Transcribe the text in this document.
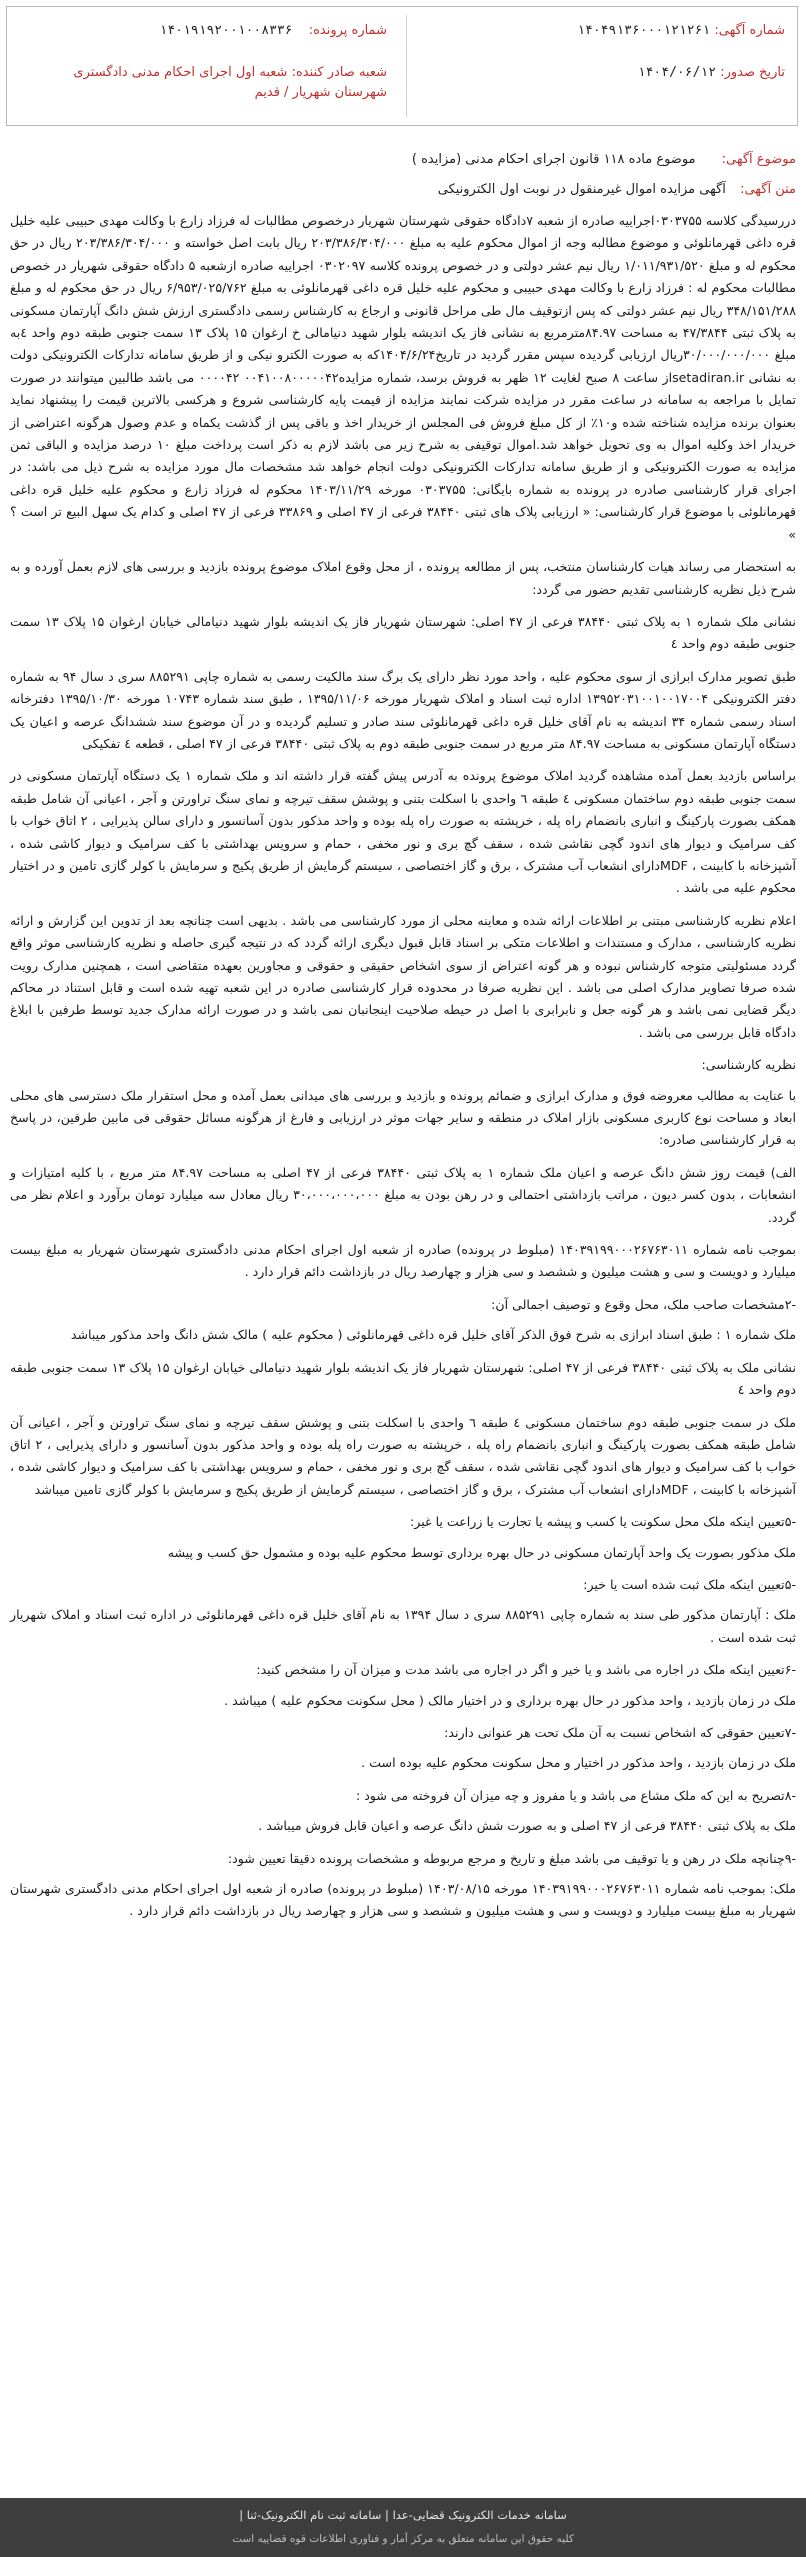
شماره آگهی: ۱۴۰۴۹۱۳۶۰۰۰۱۲۱۲۶۱
تاریخ صدور: ۱۴۰۴/۰۶/۱۲
شماره پرونده: ۱۴۰۱۹۱۹۲۰۰۱۰۰۸۳۳۶
شعبه صادر کننده: شعبه اول اجرای احکام مدنی دادگستری شهرستان شهریار / قدیم
موضوع آگهی: موضوع ماده ۱۱۸ قانون اجرای احکام مدنی (مزایده )
متن آگهی: آگهی مزایده اموال غیرمنقول در نوبت اول الکترونیکی

دررسیدگی کلاسه ۰۳۰۳۷۵۵اجراییه صادره از شعبه ۷دادگاه حقوقی شهرستان شهریار درخصوص مطالبات له فرزاد زارع با وکالت مهدی حبیبی علیه خلیل قره داغی قهرمانلوئی و موضوع مطالبه وجه از اموال محکوم علیه به مبلغ ۲۰۳/۳۸۶/۳۰۴/۰۰۰ ریال بابت اصل خواسته و ۲۰۳/۳۸۶/۳۰۴/۰۰۰ ریال در حق محکوم له و مبلغ ۱/۰۱۱/۹۳۱/۵۲۰ ریال نیم عشر دولتی و در خصوص پرونده کلاسه ۰۳۰۲۰۹۷ اجراییه صادره ازشعبه ۵ دادگاه حقوقی شهریار در خصوص مطالبات محکوم له : فرزاد زارع با وکالت مهدی حبیبی و محکوم علیه خلیل قره داغی قهرمانلوئی به مبلغ ۶/۹۵۳/۰۲۵/۷۶۲ ریال در حق محکوم له و مبلغ ۳۴۸/۱۵۱/۲۸۸ ریال نیم عشر دولتی که پس ازتوقیف مال طی مراحل قانونی و ارجاع به کارشناس رسمی دادگستری ارزش شش دانگ آپارتمان مسکونی به پلاک ثبتی ۴۷/۳۸۴۴ به مساحت ۸۴.۹۷مترمربع به نشانی فاز یک اندیشه بلوار شهید دنیامالی خ ارغوان ۱۵ پلاک ۱۳ سمت جنوبی طبقه دوم واحد ٤به مبلغ ۳۰/۰۰۰/۰۰۰/۰۰۰ریال ارزیابی گردیده سپس مقرر گردید در تاریخ۱۴۰۴/۶/۲۴که به صورت الکترو نیکی و از طریق سامانه تدارکات الکترونیکی دولت به نشانی setadiran.irاز ساعت ۸ صبح لغایت ۱۲ ظهر به فروش برسد، شماره مزایده۰۰۴۱۰۰۸۰۰۰۰۰۴۲ ۰۰۰۰۴۲ می باشد طالبین میتوانند در صورت تمایل با مراجعه به سامانه در ساعت مقرر در مزایده شرکت نمایند مزایده از قیمت پایه کارشناسی شروع و هرکسی بالاترین قیمت را پیشنهاد نماید بعنوان برنده مزایده شناخته شده و۱۰٪ از کل مبلغ فروش فی المجلس از خریدار اخذ و باقی پس از گذشت یکماه و عدم وصول هرگونه اعتراضی از خریدار اخذ وکلیه اموال به وی تحویل خواهد شد.اموال توقیفی به شرح زیر می باشد لازم به ذکر است پرداخت مبلغ ۱۰ درصد مزایده و الباقی ثمن مزایده به صورت الکترونیکی و از طریق سامانه تدارکات الکترونیکی دولت انجام خواهد شد مشخصات مال مورد مزایده به شرح ذیل می باشد: در اجرای قرار کارشناسی صادره در پرونده به شماره بایگانی: ۰۳۰۳۷۵۵ مورخه ۱۴۰۳/۱۱/۲۹ محکوم له فرزاد زارع و محکوم علیه خلیل قره داغی قهرمانلوئی با موضوع قرار کارشناسی: « ارزیابی پلاک های ثبتی ۳۸۴۴۰ فرعی از ۴۷ اصلی و ۳۳۸۶۹ فرعی از ۴۷ اصلی و کدام یک سهل البیع تر است ؟ »

به استحضار می رساند هیات کارشناسان منتخب، پس از مطالعه پرونده ، از محل وقوع املاک موضوع پرونده بازدید و بررسی های لازم بعمل آورده و به شرح ذیل نظریه کارشناسی تقدیم حضور می گردد:

نشانی ملک شماره ۱ به پلاک ثبتی ۳۸۴۴۰ فرعی از ۴۷ اصلی: شهرستان شهریار فاز یک اندیشه بلوار شهید دنیامالی خیابان ارغوان ۱۵ پلاک ۱۳ سمت جنوبی طبقه دوم واحد ٤

طبق تصویر مدارک ابرازی از سوی محکوم علیه ، واحد مورد نظر دارای یک برگ سند مالکیت رسمی به شماره چاپی ۸۸۵۲۹۱ سری د سال ۹۴ به شماره دفتر الکترونیکی ۱۳۹۵۲۰۳۱۰۰۱۰۰۱۷۰۰۴ اداره ثبت اسناد و املاک شهریار مورخه ۱۳۹۵/۱۱/۰۶ ، طبق سند شماره ۱۰۷۴۳ مورخه ۱۳۹۵/۱۰/۳۰ دفترخانه اسناد رسمی شماره ۳۴ اندیشه به نام آقای خلیل قره داغی قهرمانلوئی سند صادر و تسلیم گردیده و در آن موضوع سند ششدانگ عرصه و اعیان یک دستگاه آپارتمان مسکونی به مساحت ۸۴.۹۷ متر مربع در سمت جنوبی طبقه دوم به پلاک ثبتی ۳۸۴۴۰ فرعی از ۴۷ اصلی ، قطعه ٤ تفکیکی

براساس بازدید بعمل آمده مشاهده گردید املاک موضوع پرونده به آدرس پیش گفته قرار داشته اند و ملک شماره ۱ یک دستگاه آپارتمان مسکونی در سمت جنوبی طبقه دوم ساختمان مسکونی ٤ طبقه ٦ واحدی با اسکلت بتنی و پوشش سقف تیرچه و نمای سنگ تراورتن و آجر ، اعیانی آن شامل طبقه همکف بصورت پارکینگ و انباری بانضمام راه پله ، خرپشته به صورت راه پله بوده و واحد مذکور بدون آسانسور و دارای سالن پذیرایی ، ۲ اتاق خواب با کف سرامیک و دیوار های اندود گچی نقاشی شده ، سقف گچ بری و نور مخفی ، حمام و سرویس بهداشتی با کف سرامیک و دیوار کاشی شده ، آشپزخانه با کابینت ، MDFدارای انشعاب آب مشترک ، برق و گاز اختصاصی ، سیستم گرمایش از طریق پکیج و سرمایش با کولر گازی تامین و در اختیار محکوم علیه می باشد .

اعلام نظریه کارشناسی مبتنی بر اطلاعات ارائه شده و معاینه محلی از مورد کارشناسی می باشد . بدیهی است چنانچه بعد از تدوین این گزارش و ارائه نظریه کارشناسی ، مدارک و مستندات و اطلاعات متکی بر اسناد قابل قبول دیگری ارائه گردد که در نتیجه گیری حاصله و نظریه کارشناسی موثر واقع گردد مسئولیتی متوجه کارشناس نبوده و هر گونه اعتراض از سوی اشخاص حقیقی و حقوقی و مجاورین بعهده متقاضی است ، همچنین مدارک رویت شده صرفا تصاویر مدارک اصلی می باشد . این نظریه صرفا در محدوده قرار کارشناسی صادره در این شعبه تهیه شده است و قابل استناد در محاکم دیگر قضایی نمی باشد و هر گونه جعل و نابرابری با اصل در حیطه صلاحیت اینجانبان نمی باشد و در صورت ارائه مدارک جدید توسط طرفین با ابلاغ دادگاه قابل بررسی می باشد .

نظریه کارشناسی:

با عنایت به مطالب معروضه فوق و مدارک ابرازی و ضمائم پرونده و بازدید و بررسی های میدانی بعمل آمده و محل استقرار ملک دسترسی های محلی ابعاد و مساحت نوع کاربری مسکونی بازار املاک در منطقه و سایر جهات موثر در ارزیابی و فارغ از هرگونه مسائل حقوقی فی مابین طرفین، در پاسخ به قرار کارشناسی صادره:

الف) قیمت روز شش دانگ عرصه و اعیان ملک شماره ۱ به پلاک ثبتی ۳۸۴۴۰ فرعی از ۴۷ اصلی به مساحت ۸۴.۹۷ متر مربع ، با کلیه امتیازات و انشعابات ، بدون کسر دیون ، مراتب بازداشتی احتمالی و در رهن بودن به مبلغ ۳۰،۰۰۰،۰۰۰،۰۰۰ ریال معادل سه میلیارد تومان برآورد و اعلام نظر می گردد.

بموجب نامه شماره ۱۴۰۳۹۱۹۹۰۰۰۲۶۷۶۳۰۱۱ (مبلوط در پرونده) صادره از شعبه اول اجرای احکام مدنی دادگستری شهرستان شهریار به مبلغ بیست میلیارد و دویست و سی و هشت میلیون و ششصد و سی هزار و چهارصد ریال در بازداشت دائم قرار دارد .

-۲مشخصات صاحب ملک، محل وقوع و توصیف اجمالی آن:

ملک شماره ۱ : طبق اسناد ابرازی به شرح فوق الذکر آقای خلیل قره داغی قهرمانلوئی ( محکوم علیه ) مالک شش دانگ واحد مذکور میباشد

نشانی ملک به پلاک ثبتی ۳۸۴۴۰ فرعی از ۴۷ اصلی: شهرستان شهریار فاز یک اندیشه بلوار شهید دنیامالی خیابان ارغوان ۱۵ پلاک ۱۳ سمت جنوبی طبقه دوم واحد ٤

ملک در سمت جنوبی طبقه دوم ساختمان مسکونی ٤ طبقه ٦ واحدی با اسکلت بتنی و پوشش سقف تیرچه و نمای سنگ تراورتن و آجر ، اعیانی آن شامل طبقه همکف بصورت پارکینگ و انباری بانضمام راه پله ، خرپشته به صورت راه پله بوده و واحد مذکور بدون آسانسور و دارای پذیرایی ، ۲ اتاق خواب با کف سرامیک و دیوار های اندود گچی نقاشی شده ، سقف گچ بری و نور مخفی ، حمام و سرویس بهداشتی با کف سرامیک و دیوار کاشی شده ، آشپزخانه با کابینت ، MDFدارای انشعاب آب مشترک ، برق و گاز اختصاصی ، سیستم گرمایش از طریق پکیج و سرمایش با کولر گازی تامین میباشد

-۵تعیین اینکه ملک محل سکونت یا کسب و پیشه یا تجارت یا زراعت یا غیر:

ملک مذکور بصورت یک واحد آپارتمان مسکونی در حال بهره برداری توسط محکوم علیه بوده و مشمول حق کسب و پیشه

-۵تعیین اینکه ملک ثبت شده است یا خیر:

ملک : آپارتمان مذکور طی سند به شماره چاپی ۸۸۵۲۹۱ سری د سال ۱۳۹۴ به نام آقای خلیل قره داغی قهرمانلوئی در اداره ثبت اسناد و املاک شهریار ثبت شده است .

-۶تعیین اینکه ملک در اجاره می باشد و یا خیر و اگر در اجاره می باشد مدت و میزان آن را مشخص کنید:

ملک در زمان بازدید ، واحد مذکور در حال بهره برداری و در اختیار مالک ( محل سکونت محکوم علیه ) میباشد .

-۷تعیین حقوقی که اشخاص نسبت به آن ملک تحت هر عنوانی دارند:

ملک در زمان بازدید ، واحد مذکور در اختیار و محل سکونت محکوم علیه بوده است .

-۸تصریح به این که ملک مشاع می باشد و یا مفروز و چه میزان آن فروخته می شود :

ملک به پلاک ثبتی ۳۸۴۴۰ فرعی از ۴۷ اصلی و به صورت شش دانگ عرصه و اعیان قابل فروش میباشد .

-۹چنانچه ملک در رهن و یا توقیف می باشد مبلغ و تاریخ و مرجع مربوطه و مشخصات پرونده دقیقا تعیین شود:

ملک: بموجب نامه شماره ۱۴۰۳۹۱۹۹۰۰۰۲۶۷۶۳۰۱۱ مورخه ۱۴۰۳/۰۸/۱۵ (مبلوط در پرونده) صادره از شعبه اول اجرای احکام مدنی دادگستری شهرستان شهریار به مبلغ بیست میلیارد و دویست و سی و هشت میلیون و ششصد و سی هزار و چهارصد ریال در بازداشت دائم قرار دارد .

سامانه خدمات الکترونیک قضایی-عدا | سامانه ثبت نام الکترونیک-ثنا |
کلیه حقوق این سامانه متعلق به مرکز آمار و فناوری اطلاعات قوه قضاییه است
